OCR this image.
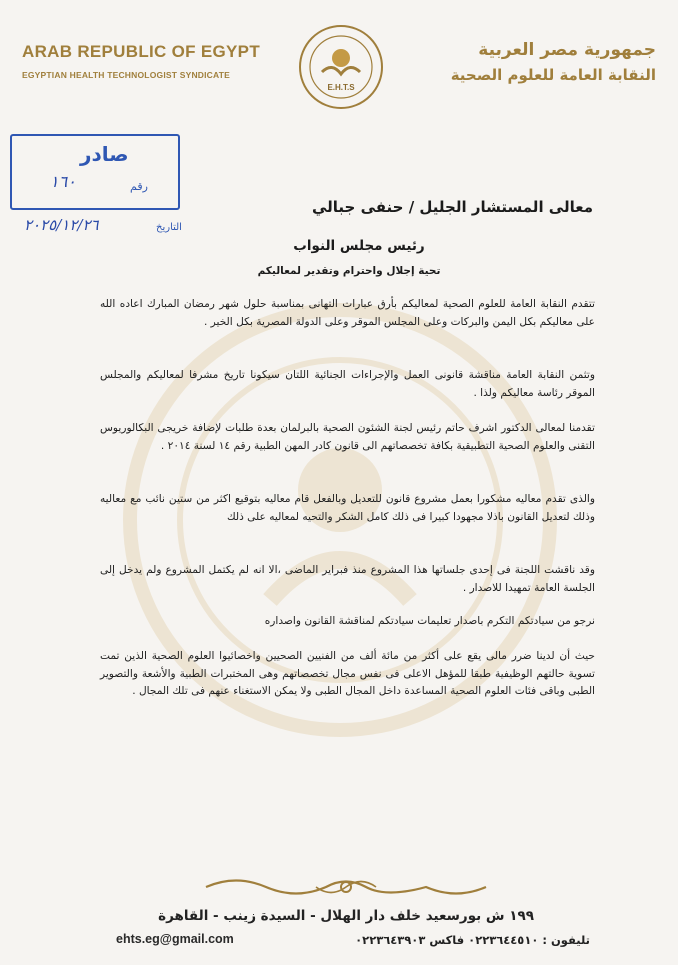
ARAB REPUBLIC OF EGYPT
EGYPTIAN HEALTH TECHNOLOGIST SYNDICATE
E.H.T.S
جمهورية مصر العربية
النقابة العامة للعلوم الصحية
صادر
رقم
١٦٠
٢٠٢٥/١٢/٢٦	التاريخ
معالى المستشار الجليل / حنفى جبالي
رئيس مجلس النواب
تحية إجلال واحترام وتقدير لمعاليكم
تتقدم النقابة العامة للعلوم الصحية لمعاليكم بأرق عبارات التهانى بمناسبة حلول شهر رمضان المبارك اعاده الله على معاليكم بكل اليمن والبركات وعلى المجلس الموقر وعلى الدولة المصرية بكل الخير .
وتثمن النقابة العامة مناقشة قانونى العمل والإجراءات الجنائية اللتان سيكونا تاريخ مشرفا لمعاليكم والمجلس الموقر رئاسة معاليكم ولذا .
تقدمنا لمعالى الدكتور اشرف حاتم رئيس لجنة الشئون الصحية بالبرلمان بعدة طلبات لإضافة خريجى البكالوريوس التقنى والعلوم الصحية التطبيقية بكافة تخصصاتهم الى قانون كادر المهن الطبية رقم ١٤ لسنة ٢٠١٤ .
والذى تقدم معاليه مشكورا بعمل مشروع قانون للتعديل وبالفعل قام معاليه بتوقيع اكثر من ستين نائب مع معاليه وذلك لتعديل القانون باذلا مجهودا كبيرا فى ذلك كامل الشكر والتحيه لمعاليه على ذلك
وقد ناقشت اللجنة فى إحدى جلساتها هذا المشروع منذ فبراير الماضى ،الا انه لم يكتمل المشروع ولم يدخل إلى الجلسة العامة تمهيدا للاصدار .
نرجو من سيادتكم التكرم باصدار تعليمات سيادتكم لمناقشة القانون واصداره
حيث أن لدينا ضرر مالى يقع على أكثر من مائة ألف من الفنيين الصحيين واخصائيوا العلوم الصحية الذين تمت تسوية حالتهم الوظيفية طبقا للمؤهل الاعلى فى نفس مجال تخصصاتهم وهى المختبرات الطبية والأشعة والتصوير الطبى وباقى فئات العلوم الصحية المساعدة داخل المجال الطبى ولا يمكن الاستغناء عنهم فى تلك المجال .
١٩٩ ش بورسعيد خلف دار الهلال - السيدة زينب - القاهرة
تليفون : ٠٢٢٣٦٤٤٥١٠ فاكس ٠٢٢٣٦٤٣٩٠٣
ehts.eg@gmail.com
